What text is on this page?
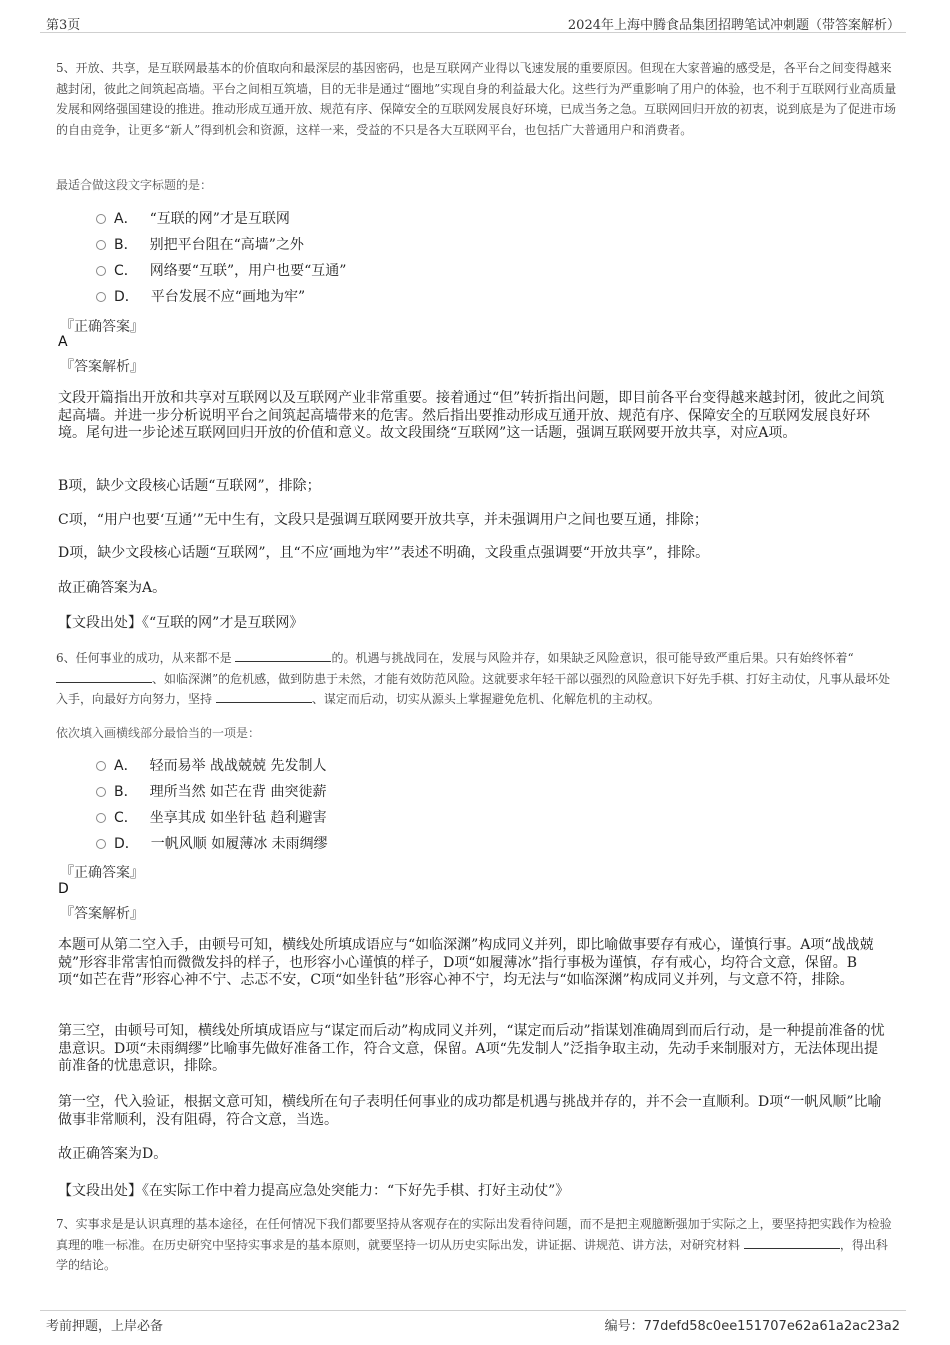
第3页	2024年上海中腾食品集团招聘笔试冲刺题（带答案解析）
5、开放、共享，是互联网最基本的价值取向和最深层的基因密码，也是互联网产业得以飞速发展的重要原因。但现在大家普遍的感受是，各平台之间变得越来越封闭，彼此之间筑起高墙。平台之间相互筑墙，目的无非是通过“圈地”实现自身的利益最大化。这些行为严重影响了用户的体验，也不利于互联网行业高质量发展和网络强国建设的推进。推动形成互通开放、规范有序、保障安全的互联网发展良好环境，已成当务之急。互联网回归开放的初衷，说到底是为了促进市场的自由竞争，让更多“新人”得到机会和资源，这样一来，受益的不只是各大互联网平台，也包括广大普通用户和消费者。
最适合做这段文字标题的是：
A． “互联的网”才是互联网
B． 别把平台阻在“高墙”之外
C． 网络要“互联”，用户也要“互通”
D． 平台发展不应“画地为牢”
『正确答案』
A
『答案解析』
文段开篇指出开放和共享对互联网以及互联网产业非常重要。接着通过“但”转折指出问题，即目前各平台变得越来越封闭，彼此之间筑起高墙。并进一步分析说明平台之间筑起高墙带来的危害。然后指出要推动形成互通开放、规范有序、保障安全的互联网发展良好环境。尾句进一步论述互联网回归开放的价值和意义。故文段围绕“互联网”这一话题，强调互联网要开放共享，对应A项。
B项，缺少文段核心话题“互联网”，排除；
C项，“用户也要‘互通’”无中生有，文段只是强调互联网要开放共享，并未强调用户之间也要互通，排除；
D项，缺少文段核心话题“互联网”，且“不应‘画地为牢’”表述不明确，文段重点强调要“开放共享”，排除。
故正确答案为A。
【文段出处】《“互联的网”才是互联网》
6、任何事业的成功，从来都不是	的。机遇与挑战同在，发展与风险并存，如果缺乏风险意识，很可能导致严重后果。只有始终怀着“、如临深渊”的危机感，做到防患于未然，才能有效防范风险。这就要求年轻干部以强烈的风险意识下好先手棋、打好主动仗，凡事从最坏处入手，向最好方向努力，坚持	、谋定而后动，切实从源头上掌握避免危机、化解危机的主动权。
依次填入画横线部分最恰当的一项是：
A． 轻而易举 战战兢兢 先发制人
B． 理所当然 如芒在背 曲突徙薪
C． 坐享其成 如坐针毡 趋利避害
D． 一帆风顺 如履薄冰 未雨绸缪
『正确答案』
D
『答案解析』
本题可从第二空入手，由顿号可知，横线处所填成语应与“如临深渊”构成同义并列，即比喻做事要存有戒心，谨慎行事。A项“战战兢兢”形容非常害怕而微微发抖的样子，也形容小心谨慎的样子，D项“如履薄冰”指行事极为谨慎，存有戒心，均符合文意，保留。B项“如芒在背”形容心神不宁、忐忑不安，C项“如坐针毡”形容心神不宁，均无法与“如临深渊”构成同义并列，与文意不符，排除。
第三空，由顿号可知，横线处所填成语应与“谋定而后动”构成同义并列，“谋定而后动”指谋划准确周到而后行动，是一种提前准备的忧患意识。D项“未雨绸缪”比喻事先做好准备工作，符合文意，保留。A项“先发制人”泛指争取主动，先动手来制服对方，无法体现出提前准备的忧患意识，排除。
第一空，代入验证，根据文意可知，横线所在句子表明任何事业的成功都是机遇与挑战并存的，并不会一直顺利。D项“一帆风顺”比喻做事非常顺利，没有阻碍，符合文意，当选。
故正确答案为D。
【文段出处】《在实际工作中着力提高应急处突能力：“下好先手棋、打好主动仗”》
7、实事求是是认识真理的基本途径，在任何情况下我们都要坚持从客观存在的实际出发看待问题，而不是把主观臆断强加于实际之上，要坚持把实践作为检验真理的唯一标准。在历史研究中坚持实事求是的基本原则，就要坚持一切从历史实际出发，讲证据、讲规范、讲方法，对研究材料	，得出科学的结论。
考前押题，上岸必备	编号：77defd58c0ee151707e62a61a2ac23a2
